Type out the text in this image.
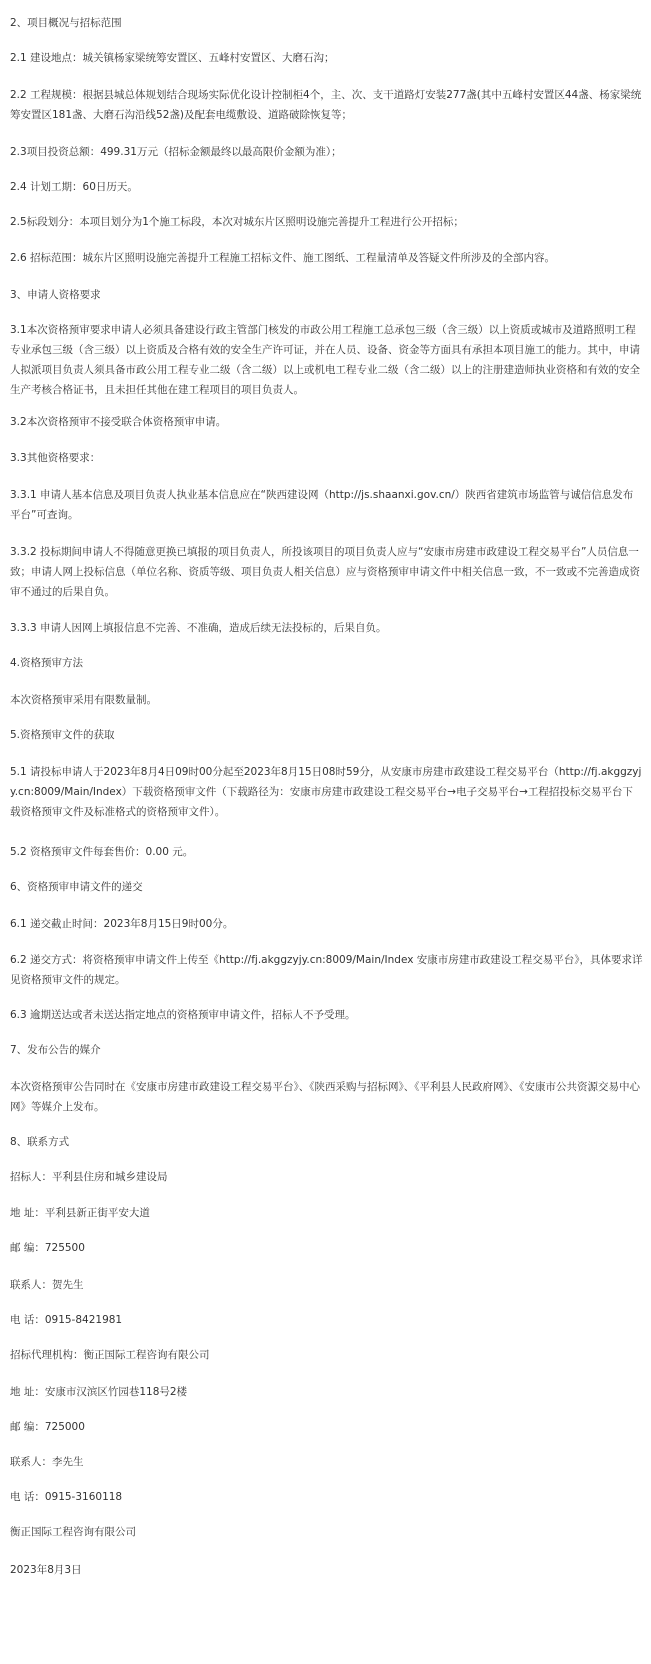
2、项目概况与招标范围

2.1 建设地点：城关镇杨家梁统筹安置区、五峰村安置区、大磨石沟；

2.2 工程规模：根据县城总体规划结合现场实际优化设计控制柜4个，主、次、支干道路灯安装277盏(其中五峰村安置区44盏、杨家梁统筹安置区181盏、大磨石沟沿线52盏)及配套电缆敷设、道路破除恢复等；

2.3项目投资总额：499.31万元（招标金额最终以最高限价金额为准）；

2.4 计划工期：60日历天。

2.5标段划分：本项目划分为1个施工标段，本次对城东片区照明设施完善提升工程进行公开招标；

2.6 招标范围：城东片区照明设施完善提升工程施工招标文件、施工图纸、工程量清单及答疑文件所涉及的全部内容。

3、申请人资格要求

3.1本次资格预审要求申请人必须具备建设行政主管部门核发的市政公用工程施工总承包三级（含三级）以上资质或城市及道路照明工程专业承包三级（含三级）以上资质及合格有效的安全生产许可证，并在人员、设备、资金等方面具有承担本项目施工的能力。其中，申请人拟派项目负责人须具备市政公用工程专业二级（含二级）以上或机电工程专业二级（含二级）以上的注册建造师执业资格和有效的安全生产考核合格证书，且未担任其他在建工程项目的项目负责人。

3.2本次资格预审不接受联合体资格预审申请。

3.3其他资格要求：

3.3.1 申请人基本信息及项目负责人执业基本信息应在“陕西建设网（http://js.shaanxi.gov.cn/）陕西省建筑市场监管与诚信信息发布平台”可查询。

3.3.2 投标期间申请人不得随意更换已填报的项目负责人，所投该项目的项目负责人应与“安康市房建市政建设工程交易平台”人员信息一致；申请人网上投标信息（单位名称、资质等级、项目负责人相关信息）应与资格预审申请文件中相关信息一致，不一致或不完善造成资审不通过的后果自负。

3.3.3 申请人因网上填报信息不完善、不准确，造成后续无法投标的，后果自负。

4.资格预审方法

本次资格预审采用有限数量制。

5.资格预审文件的获取

5.1 请投标申请人于2023年8月4日09时00分起至2023年8月15日08时59分，从安康市房建市政建设工程交易平台（http://fj.akggzyjy.cn:8009/Main/Index）下载资格预审文件（下载路径为：安康市房建市政建设工程交易平台→电子交易平台→工程招投标交易平台下载资格预审文件及标准格式的资格预审文件）。

5.2 资格预审文件每套售价：0.00 元。

6、资格预审申请文件的递交

6.1 递交截止时间：2023年8月15日9时00分。

6.2 递交方式：将资格预审申请文件上传至《http://fj.akggzyjy.cn:8009/Main/Index 安康市房建市政建设工程交易平台》，具体要求详见资格预审文件的规定。

6.3 逾期送达或者未送达指定地点的资格预审申请文件，招标人不予受理。

7、发布公告的媒介

本次资格预审公告同时在《安康市房建市政建设工程交易平台》、《陕西采购与招标网》、《平利县人民政府网》、《安康市公共资源交易中心网》等媒介上发布。

8、联系方式

招标人：平利县住房和城乡建设局

地 址：平利县新正街平安大道

邮 编：725500

联系人：贺先生

电 话：0915-8421981

招标代理机构：衡正国际工程咨询有限公司

地 址：安康市汉滨区竹园巷118号2楼

邮 编：725000

联系人：李先生

电 话：0915-3160118

衡正国际工程咨询有限公司

2023年8月3日
